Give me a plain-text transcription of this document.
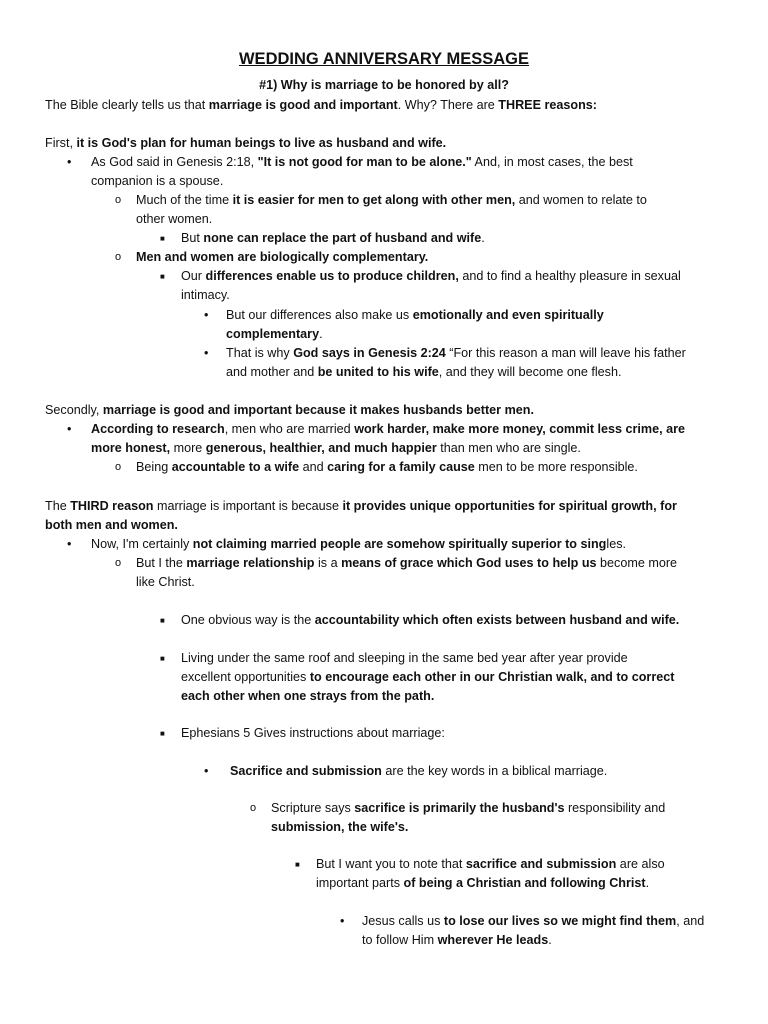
WEDDING ANNIVERSARY MESSAGE
#1) Why is marriage to be honored by all?
The Bible clearly tells us that marriage is good and important. Why? There are THREE reasons:
First, it is God's plan for human beings to live as husband and wife.
• As God said in Genesis 2:18, "It is not good for man to be alone." And, in most cases, the best
companion is a spouse.
o Much of the time it is easier for men to get along with other men, and women to relate to
other women.
■ But none can replace the part of husband and wife.
o Men and women are biologically complementary.
■ Our differences enable us to produce children, and to find a healthy pleasure in sexual
intimacy.
• But our differences also make us emotionally and even spiritually
complementary.
• That is why God says in Genesis 2:24 “For this reason a man will leave his father
and mother and be united to his wife, and they will become one flesh.
Secondly, marriage is good and important because it makes husbands better men.
• According to research, men who are married work harder, make more money, commit less crime, are
more honest, more generous, healthier, and much happier than men who are single.
o Being accountable to a wife and caring for a family cause men to be more responsible.
The THIRD reason marriage is important is because it provides unique opportunities for spiritual growth, for
both men and women.
• Now, I'm certainly not claiming married people are somehow spiritually superior to singles.
o But I the marriage relationship is a means of grace which God uses to help us become more
like Christ.
■ One obvious way is the accountability which often exists between husband and wife.
■ Living under the same roof and sleeping in the same bed year after year provide
excellent opportunities to encourage each other in our Christian walk, and to correct
each other when one strays from the path.
■ Ephesians 5 Gives instructions about marriage:
• Sacrifice and submission are the key words in a biblical marriage.
o Scripture says sacrifice is primarily the husband's responsibility and
submission, the wife's.
■ But I want you to note that sacrifice and submission are also
important parts of being a Christian and following Christ.
• Jesus calls us to lose our lives so we might find them, and
to follow Him wherever He leads.
